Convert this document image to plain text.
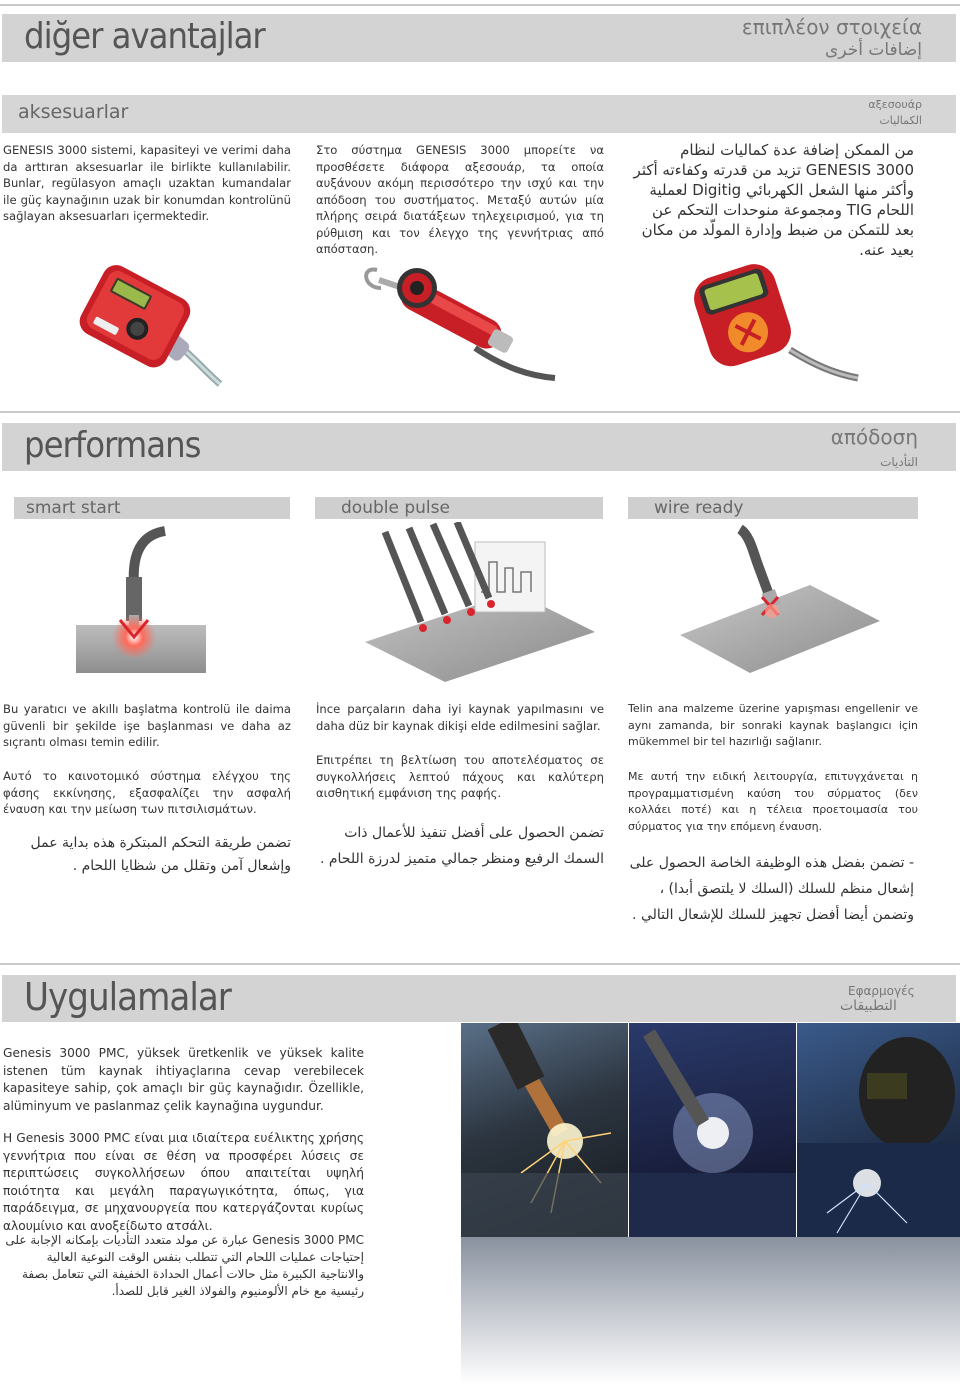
diğer avantajlar	επιπλέον στοιχεία
إضافات أخرى
aksesuarlar	αξεσουάρ
الكماليات
GENESIS 3000 sistemi, kapasiteyi ve verimi daha da arttıran aksesuarlar ile birlikte kullanılabilir. Bunlar, regülasyon amaçlı uzaktan kumandalar ile güç kaynağının uzak bir konumdan kontrolünü sağlayan aksesuarları içermektedir.
Στο σύστημα GENESIS 3000 μπορείτε να προσθέσετε διάφορα αξεσουάρ, τα οποία αυξάνουν ακόμη περισσότερο την ισχύ και την απόδοση του συστήματος. Μεταξύ αυτών μία πλήρης σειρά διατάξεων τηλεχειρισμού, για τη ρύθμιση και τον έλεγχο της γεννήτριας από απόσταση.
من الممكن إضافة عدة كماليات لنظام GENESIS 3000 تزيد من قدرته وكفاءته أكثر وأكثر منها الشعل الكهربائي Digitig لعملية اللحام TIG ومجموعة منوحدات التحكم عن بعد للتمكن من ضبط وإدارة المولّد من مكان بعيد عنه.
performans	απόδοση
التأديات
smart start	double pulse	wire ready
Bu yaratıcı ve akıllı başlatma kontrolü ile daima güvenli bir şekilde işe başlanması ve daha az sıçrantı olması temin edilir.
Αυτό το καινοτομικό σύστημα ελέγχου της φάσης εκκίνησης, εξασφαλίζει την ασφαλή έναυση και την μείωση των πιτσιλισμάτων.
تضمن طريقة التحكم المبتكرة هذه بداية عمل وإشعال آمن وتقلل من شظايا اللحام .
İnce parçaların daha iyi kaynak yapılmasını ve daha düz bir kaynak dikişi elde edilmesini sağlar.
Επιτρέπει τη βελτίωση του αποτελέσματος σε συγκολλήσεις λεπτού πάχους και καλύτερη αισθητική εμφάνιση της ραφής.
تضمن الحصول على أفضل تنفيذ للأعمال ذات السمك الرفيع ومنظر جمالي متميز لدرزة اللحام .
Telin ana malzeme üzerine yapışması engellenir ve aynı zamanda, bir sonraki kaynak başlangıcı için mükemmel bir tel hazırlığı sağlanır.
Με αυτή την ειδική λειτουργία, επιτυγχάνεται η προγραμματισμένη καύση του σύρματος (δεν κολλάει ποτέ) και η τέλεια προετοιμασία του σύρματος για την επόμενη έναυση.
- تضمن بفضل هذه الوظيفة الخاصة الحصول على إشعال منظم للسلك (السلك لا يلتصق أبدا) ، وتضمن أيضا أفضل تجهيز للسلك للإشعال التالي .
Uygulamalar	Εφαρμογές
التطبيقات
Genesis 3000 PMC, yüksek üretkenlik ve yüksek kalite istenen tüm kaynak ihtiyaçlarına cevap verebilecek kapasiteye sahip, çok amaçlı bir güç kaynağıdır. Özellikle, alüminyum ve paslanmaz çelik kaynağına uygundur.
Η Genesis 3000 PMC είναι μια ιδιαίτερα ευέλικτης χρήσης γεννήτρια που είναι σε θέση να προσφέρει λύσεις σε περιπτώσεις συγκολλήσεων όπου απαιτείται υψηλή ποιότητα και μεγάλη παραγωγικότητα, όπως, για παράδειγμα, σε μηχανουργεία που κατεργάζονται κυρίως αλουμίνιο και ανοξείδωτο ατσάλι.
Genesis 3000 PMC عبارة عن مولد متعدد التأديات بإمكانه الإجابة على إحتياجات عمليات اللحام التي تتطلب بنفس الوقت النوعية العالية والانتاجية الكبيرة مثل حالات أعمال الحدادة الخفيفة التي تتعامل بصفة رئيسية مع خام الألومنيوم والفولاذ الغير قابل للصدأ.
